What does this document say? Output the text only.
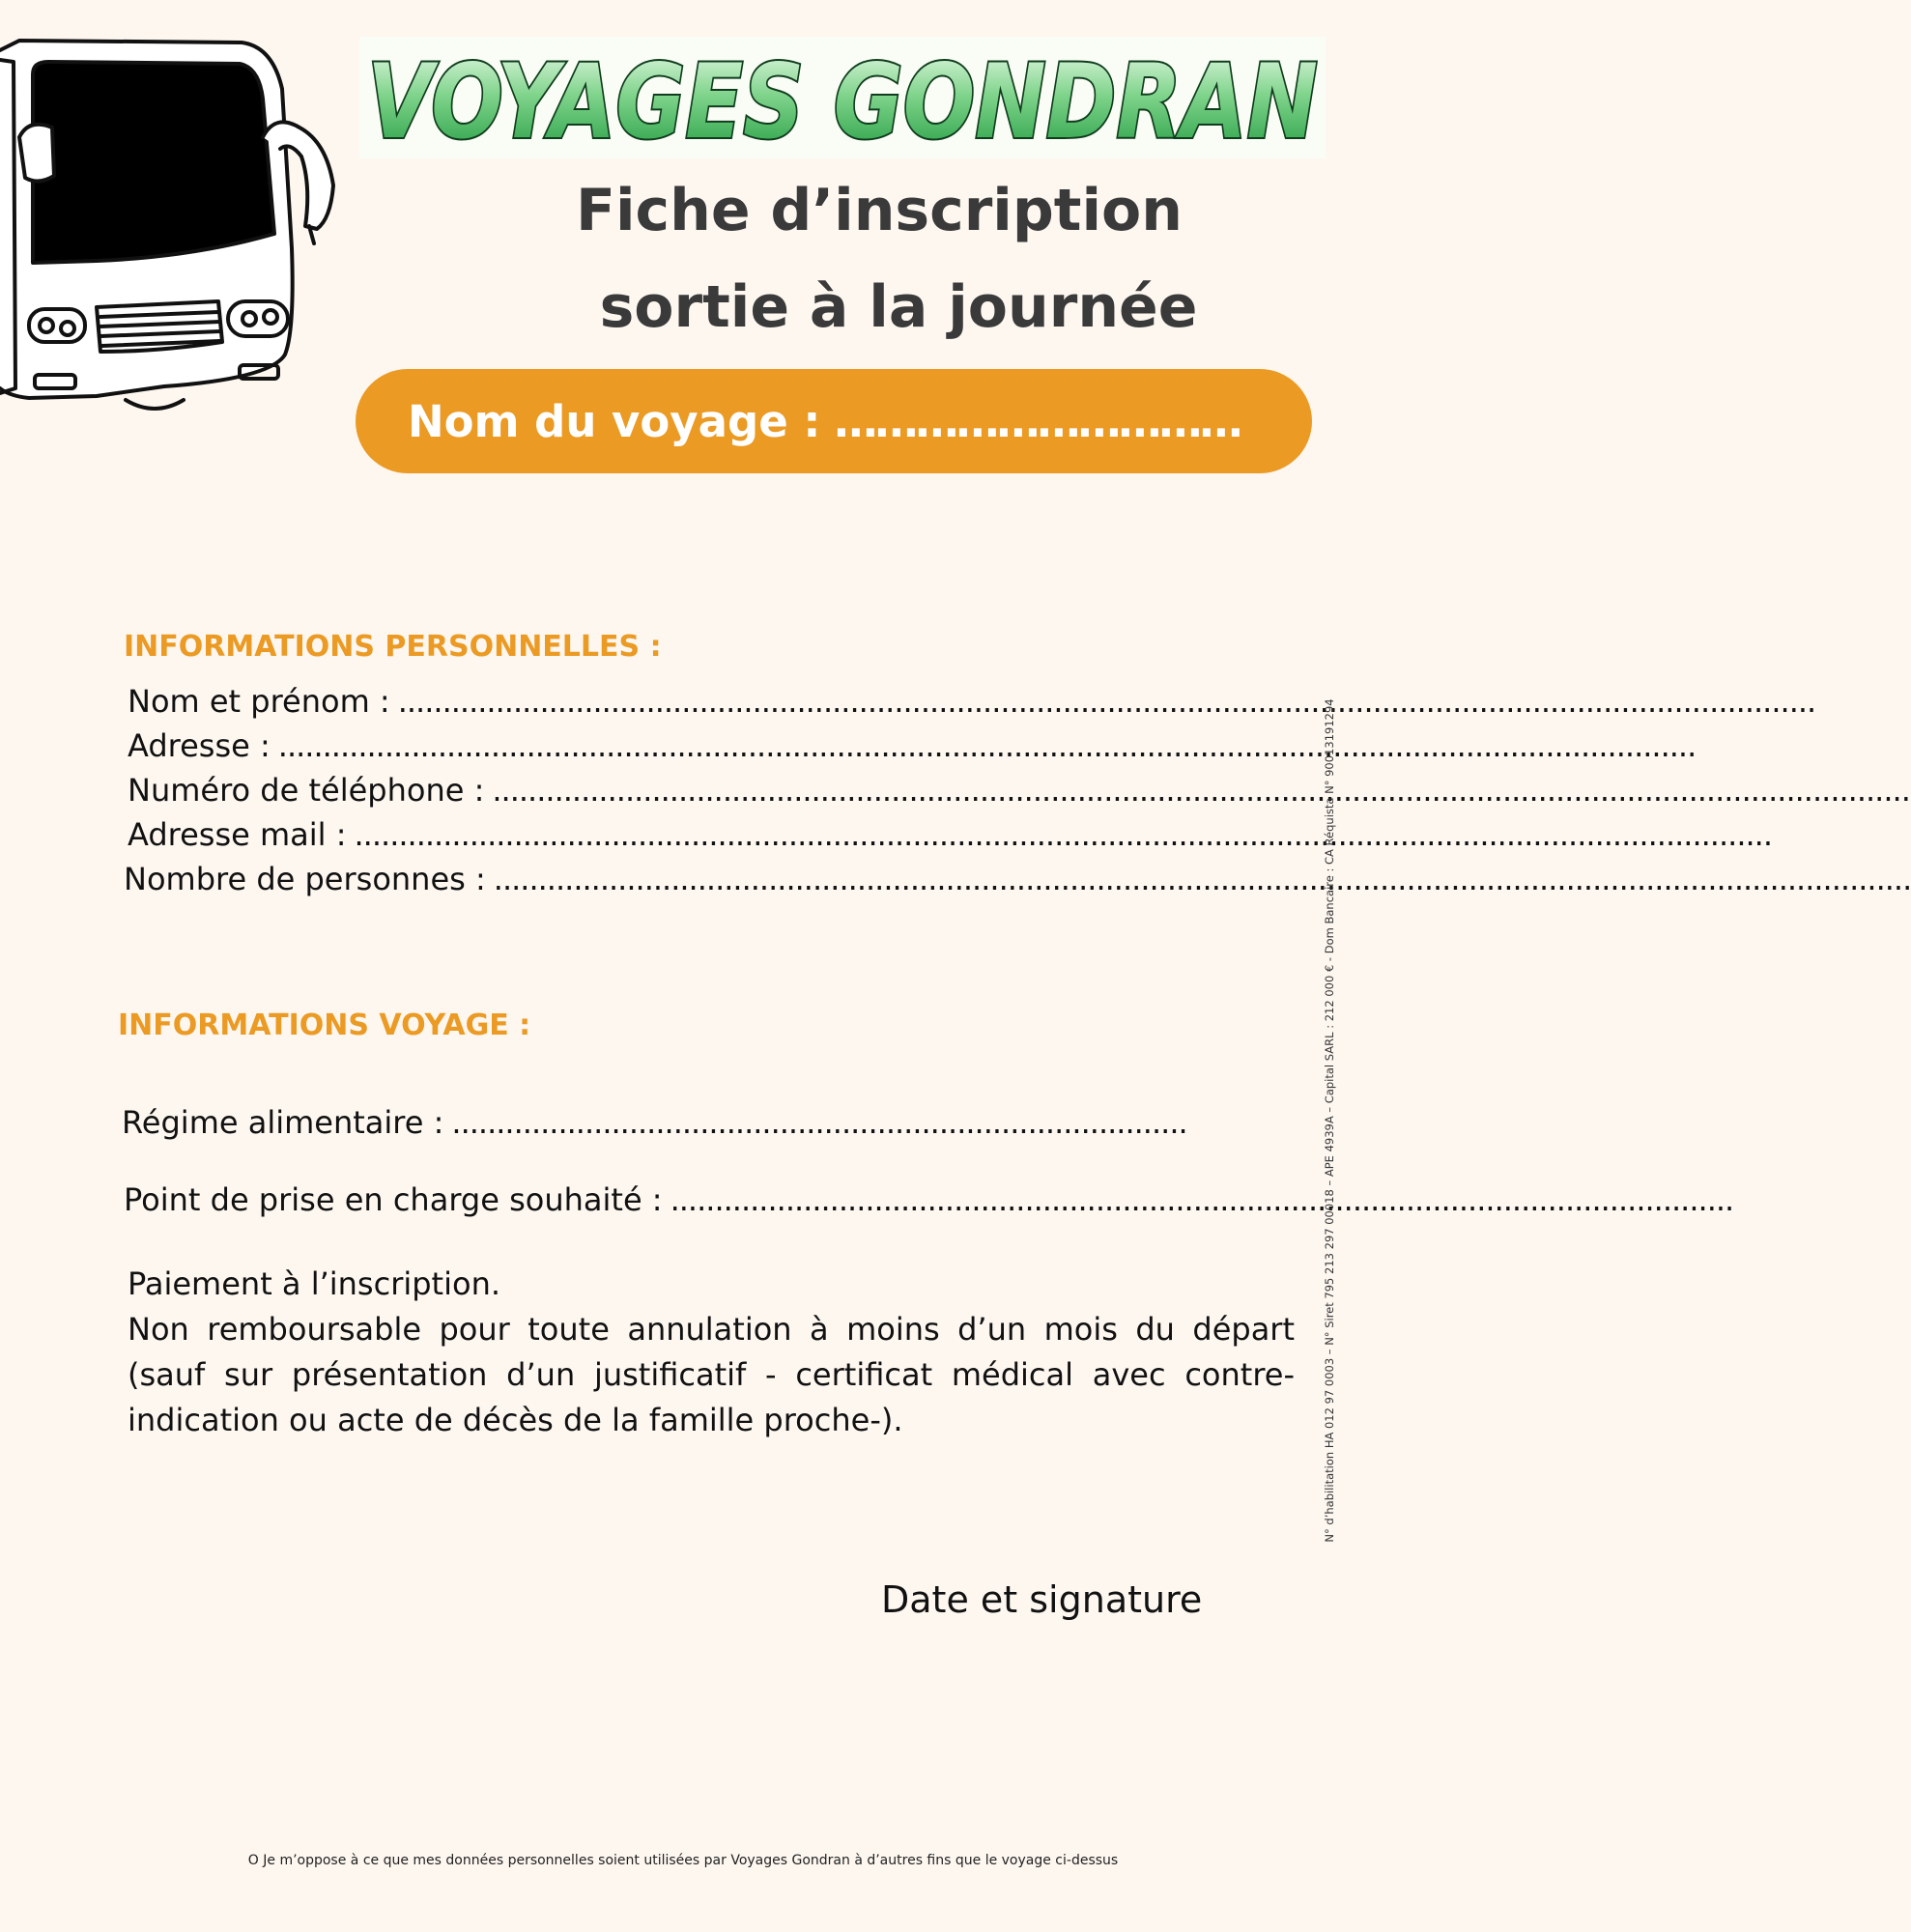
VOYAGES GONDRAN
Fiche d’inscription
sortie à la journée
Nom du voyage : …………………………
INFORMATIONS PERSONNELLES :
Nom et prénom : ................................................................................................................................................................
Adresse : ................................................................................................................................................................
Numéro de téléphone : ................................................................................................................................................................
Adresse mail : ................................................................................................................................................................
Nombre de personnes : ................................................................................................................................................................
INFORMATIONS VOYAGE :
Régime alimentaire : ...................................................................................
Point de prise en charge souhaité : ........................................................................................................................

Paiement à l’inscription.

Non remboursable pour toute annulation à moins d’un mois du départ (sauf sur présentation d’un justificatif - certificat médical avec contre-indication ou acte de décès de la famille proche-).

Date et signature

N° d’habilitation HA 012 97 0003 – N° Siret 795 213 297 00018 – APE 4939A – Capital SARL : 212 000 € - Dom Bancaire : CA Réquista N° 90013191294

O Je m’oppose à ce que mes données personnelles soient utilisées par Voyages Gondran à d’autres fins que le voyage ci-dessus
